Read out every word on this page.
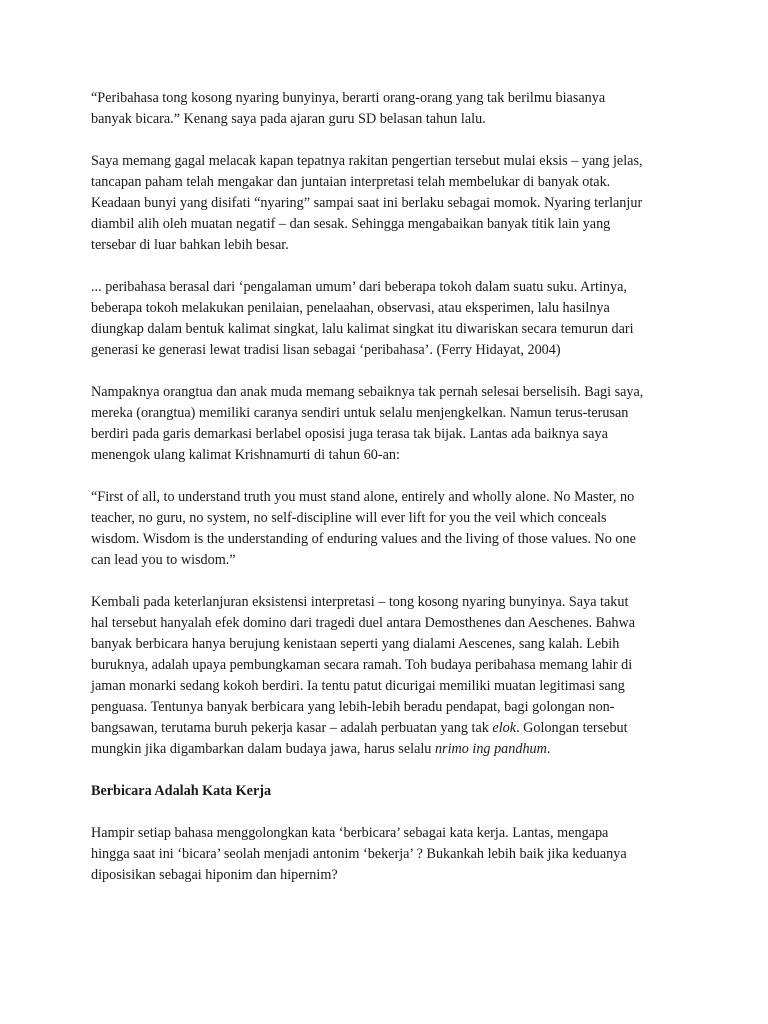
“Peribahasa tong kosong nyaring bunyinya, berarti orang-orang yang tak berilmu biasanya
banyak bicara.” Kenang saya pada ajaran guru SD belasan tahun lalu.

Saya memang gagal melacak kapan tepatnya rakitan pengertian tersebut mulai eksis – yang jelas,
tancapan paham telah mengakar dan juntaian interpretasi telah membelukar di banyak otak.
Keadaan bunyi yang disifati “nyaring” sampai saat ini berlaku sebagai momok. Nyaring terlanjur
diambil alih oleh muatan negatif – dan sesak. Sehingga mengabaikan banyak titik lain yang
tersebar di luar bahkan lebih besar.

... peribahasa berasal dari ‘pengalaman umum’ dari beberapa tokoh dalam suatu suku. Artinya,
beberapa tokoh melakukan penilaian, penelaahan, observasi, atau eksperimen, lalu hasilnya
diungkap dalam bentuk kalimat singkat, lalu kalimat singkat itu diwariskan secara temurun dari
generasi ke generasi lewat tradisi lisan sebagai ‘peribahasa’. (Ferry Hidayat, 2004)

Nampaknya orangtua dan anak muda memang sebaiknya tak pernah selesai berselisih. Bagi saya,
mereka (orangtua) memiliki caranya sendiri untuk selalu menjengkelkan. Namun terus-terusan
berdiri pada garis demarkasi berlabel oposisi juga terasa tak bijak. Lantas ada baiknya saya
menengok ulang kalimat Krishnamurti di tahun 60-an:

“First of all, to understand truth you must stand alone, entirely and wholly alone. No Master, no
teacher, no guru, no system, no self-discipline will ever lift for you the veil which conceals
wisdom. Wisdom is the understanding of enduring values and the living of those values. No one
can lead you to wisdom.”

Kembali pada keterlanjuran eksistensi interpretasi – tong kosong nyaring bunyinya. Saya takut
hal tersebut hanyalah efek domino dari tragedi duel antara Demosthenes dan Aeschenes. Bahwa
banyak berbicara hanya berujung kenistaan seperti yang dialami Aescenes, sang kalah. Lebih
buruknya, adalah upaya pembungkaman secara ramah. Toh budaya peribahasa memang lahir di
jaman monarki sedang kokoh berdiri. Ia tentu patut dicurigai memiliki muatan legitimasi sang
penguasa. Tentunya banyak berbicara yang lebih-lebih beradu pendapat, bagi golongan non-
bangsawan, terutama buruh pekerja kasar – adalah perbuatan yang tak elok. Golongan tersebut
mungkin jika digambarkan dalam budaya jawa, harus selalu nrimo ing pandhum.

Berbicara Adalah Kata Kerja

Hampir setiap bahasa menggolongkan kata ‘berbicara’ sebagai kata kerja. Lantas, mengapa
hingga saat ini ‘bicara’ seolah menjadi antonim ‘bekerja’ ? Bukankah lebih baik jika keduanya
diposisikan sebagai hiponim dan hipernim?
